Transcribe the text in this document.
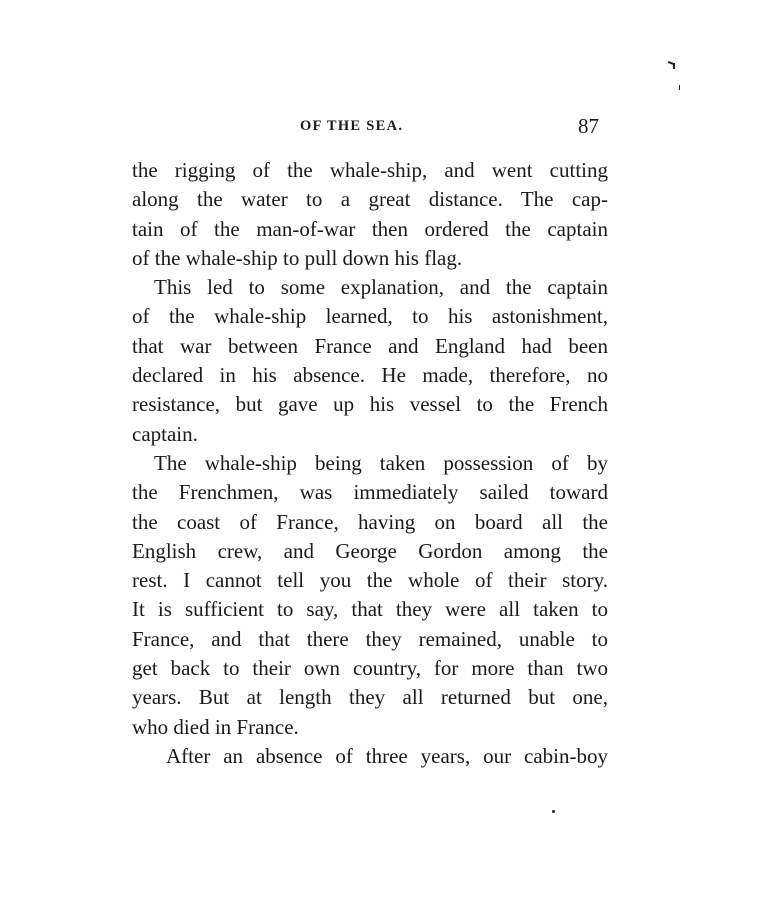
OF THE SEA.	87
the rigging of the whale-ship, and went cutting
along the water to a great distance. The cap-
tain of the man-of-war then ordered the captain
of the whale-ship to pull down his flag.
This led to some explanation, and the captain
of the whale-ship learned, to his astonishment,
that war between France and England had been
declared in his absence. He made, therefore, no
resistance, but gave up his vessel to the French
captain.
The whale-ship being taken possession of by
the Frenchmen, was immediately sailed toward
the coast of France, having on board all the
English crew, and George Gordon among the
rest. I cannot tell you the whole of their story.
It is sufficient to say, that they were all taken to
France, and that there they remained, unable to
get back to their own country, for more than two
years. But at length they all returned but one,
who died in France.
After an absence of three years, our cabin-boy
